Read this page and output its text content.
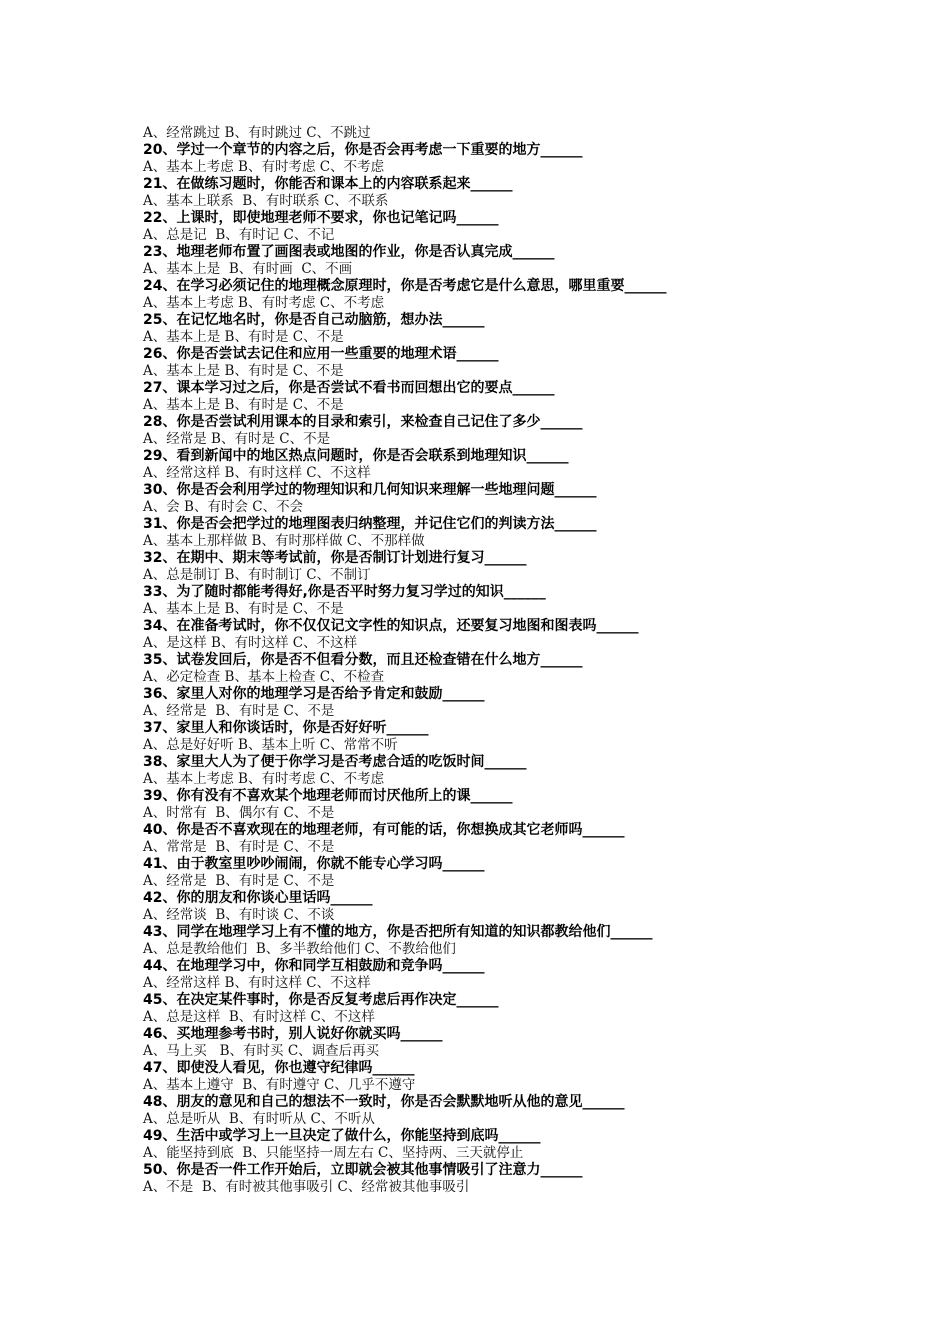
A、经常跳过 B、有时跳过 C、不跳过
20、学过一个章节的内容之后，你是否会再考虑一下重要的地方______
A、基本上考虑 B、有时考虑 C、不考虑
21、在做练习题时，你能否和课本上的内容联系起来______
A、基本上联系  B、有时联系 C、不联系
22、上课时，即使地理老师不要求，你也记笔记吗______
A、总是记  B、有时记 C、不记
23、地理老师布置了画图表或地图的作业，你是否认真完成______
A、基本上是  B、有时画  C、不画
24、在学习必须记住的地理概念原理时，你是否考虑它是什么意思，哪里重要______
A、基本上考虑 B、有时考虑 C、不考虑
25、在记忆地名时，你是否自己动脑筋，想办法______
A、基本上是 B、有时是 C、不是
26、你是否尝试去记住和应用一些重要的地理术语______
A、基本上是 B、有时是 C、不是
27、课本学习过之后，你是否尝试不看书而回想出它的要点______
A、基本上是 B、有时是 C、不是
28、你是否尝试利用课本的目录和索引，来检查自己记住了多少______
A、经常是 B、有时是 C、不是
29、看到新闻中的地区热点问题时，你是否会联系到地理知识______
A、经常这样 B、有时这样 C、不这样
30、你是否会利用学过的物理知识和几何知识来理解一些地理问题______
A、会 B、有时会 C、不会
31、你是否会把学过的地理图表归纳整理，并记住它们的判读方法______
A、基本上那样做 B、有时那样做 C、不那样做
32、在期中、期末等考试前，你是否制订计划进行复习______
A、总是制订 B、有时制订 C、不制订
33、为了随时都能考得好,你是否平时努力复习学过的知识______
A、基本上是 B、有时是 C、不是
34、在准备考试时，你不仅仅记文字性的知识点，还要复习地图和图表吗______
A、是这样 B、有时这样 C、不这样
35、试卷发回后，你是否不但看分数，而且还检查错在什么地方______
A、必定检查 B、基本上检查 C、不检查
36、家里人对你的地理学习是否给予肯定和鼓励______
A、经常是  B、有时是 C、不是
37、家里人和你谈话时，你是否好好听______
A、总是好好听 B、基本上听 C、常常不听
38、家里大人为了便于你学习是否考虑合适的吃饭时间______
A、基本上考虑 B、有时考虑 C、不考虑
39、你有没有不喜欢某个地理老师而讨厌他所上的课______
A、时常有  B、偶尔有 C、不是
40、你是否不喜欢现在的地理老师，有可能的话，你想换成其它老师吗______
A、常常是  B、有时是 C、不是
41、由于教室里吵吵闹闹，你就不能专心学习吗______
A、经常是  B、有时是 C、不是
42、你的朋友和你谈心里话吗______
A、经常谈  B、有时谈 C、不谈
43、同学在地理学习上有不懂的地方，你是否把所有知道的知识都教给他们______
A、总是教给他们  B、多半教给他们 C、不教给他们
44、在地理学习中，你和同学互相鼓励和竞争吗______
A、经常这样 B、有时这样 C、不这样
45、在决定某件事时，你是否反复考虑后再作决定______
A、总是这样  B、有时这样 C、不这样
46、买地理参考书时，别人说好你就买吗______
A、马上买   B、有时买 C、调查后再买
47、即使没人看见，你也遵守纪律吗______
A、基本上遵守  B、有时遵守 C、几乎不遵守
48、朋友的意见和自己的想法不一致时，你是否会默默地听从他的意见______
A、总是听从  B、有时听从 C、不听从
49、生活中或学习上一旦决定了做什么，你能坚持到底吗______
A、能坚持到底  B、只能坚持一周左右 C、坚持两、三天就停止
50、你是否一件工作开始后，立即就会被其他事情吸引了注意力______
A、不是  B、有时被其他事吸引 C、经常被其他事吸引
